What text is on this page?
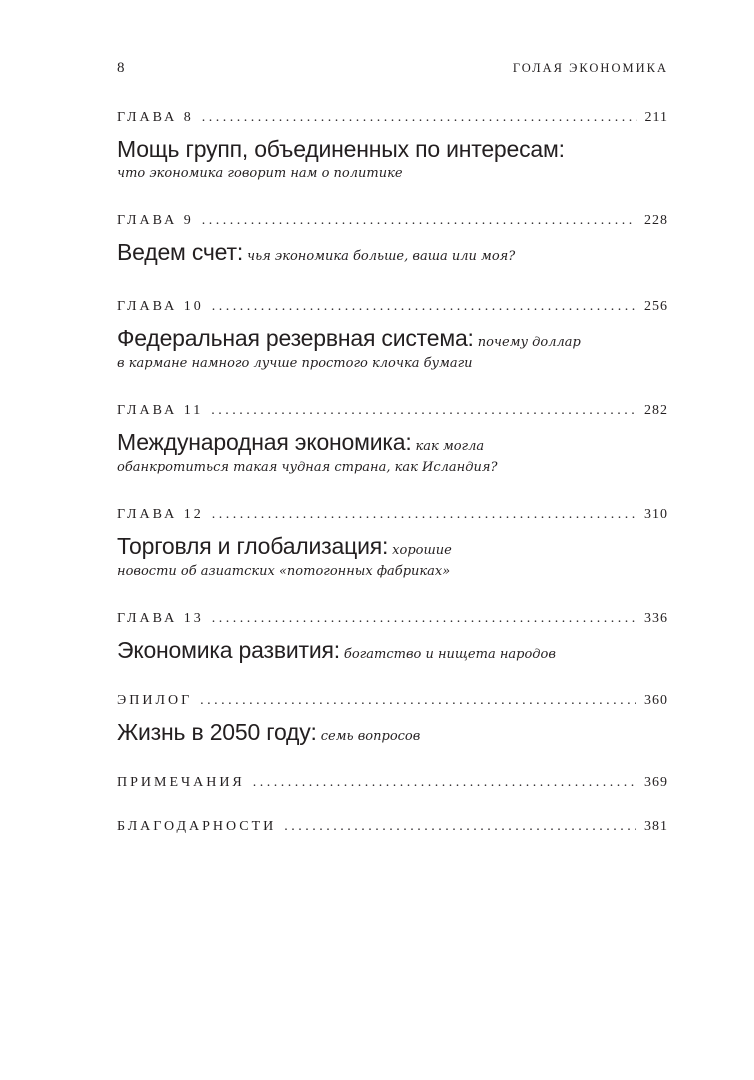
8	ГОЛАЯ ЭКОНОМИКА
ГЛАВА 8 . . .	211
Мощь групп, объединенных по интересам:
что экономика говорит нам о политике
ГЛАВА 9 . . .	228
Ведем счет: чья экономика больше, ваша или моя?
ГЛАВА 10 . . .	256
Федеральная резервная система: почему доллар
в кармане намного лучше простого клочка бумаги
ГЛАВА 11 . . .	282
Международная экономика: как могла
обанкротиться такая чудная страна, как Исландия?
ГЛАВА 12 . . .	310
Торговля и глобализация: хорошие
новости об азиатских «потогонных фабриках»
ГЛАВА 13 . . .	336
Экономика развития: богатство и нищета народов
ЭПИЛОГ . . .	360
Жизнь в 2050 году: семь вопросов
ПРИМЕЧАНИЯ . . .	369
БЛАГОДАРНОСТИ . . .	381
